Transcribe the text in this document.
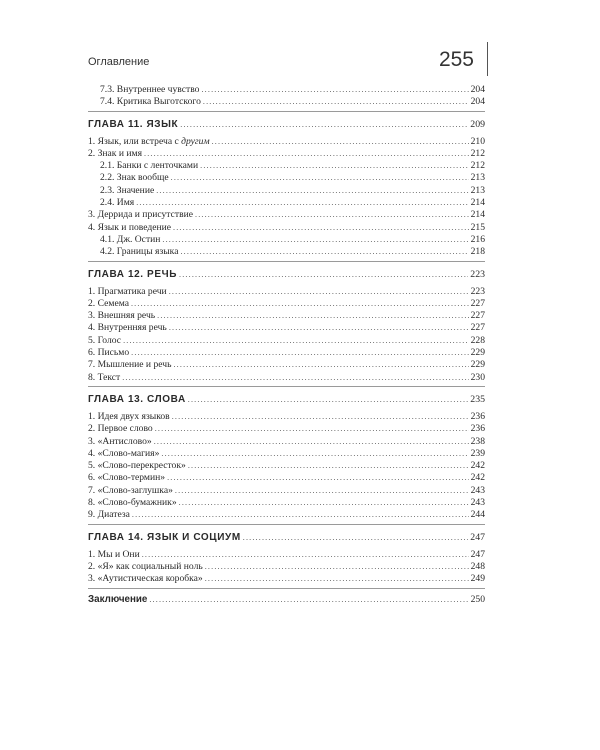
Оглавление	255
7.3. Внутреннее чувство .....	204
7.4. Критика Выготского .....	204
ГЛАВА 11. ЯЗЫК .....	209
1. Язык, или встреча с другим .....	210
2. Знак и имя .....	212
2.1. Банки с ленточками .....	212
2.2. Знак вообще .....	213
2.3. Значение .....	213
2.4. Имя .....	214
3. Деррида и присутствие .....	214
4. Язык и поведение .....	215
4.1. Дж. Остин .....	216
4.2. Границы языка .....	218
ГЛАВА 12. РЕЧЬ .....	223
1. Прагматика речи .....	223
2. Семема .....	227
3. Внешняя речь .....	227
4. Внутренняя речь .....	227
5. Голос .....	228
6. Письмо .....	229
7. Мышление и речь .....	229
8. Текст .....	230
ГЛАВА 13. СЛОВА .....	235
1. Идея двух языков .....	236
2. Первое слово .....	236
3. «Антислово» .....	238
4. «Слово-магия» .....	239
5. «Слово-перекресток» .....	242
6. «Слово-термин» .....	242
7. «Слово-заглушка» .....	243
8. «Слово-бумажник» .....	243
9. Диатеза .....	244
ГЛАВА 14. ЯЗЫК И СОЦИУМ .....	247
1. Мы и Они .....	247
2. «Я» как социальный ноль .....	248
3. «Аутистическая коробка» .....	249
Заключение .....	250
